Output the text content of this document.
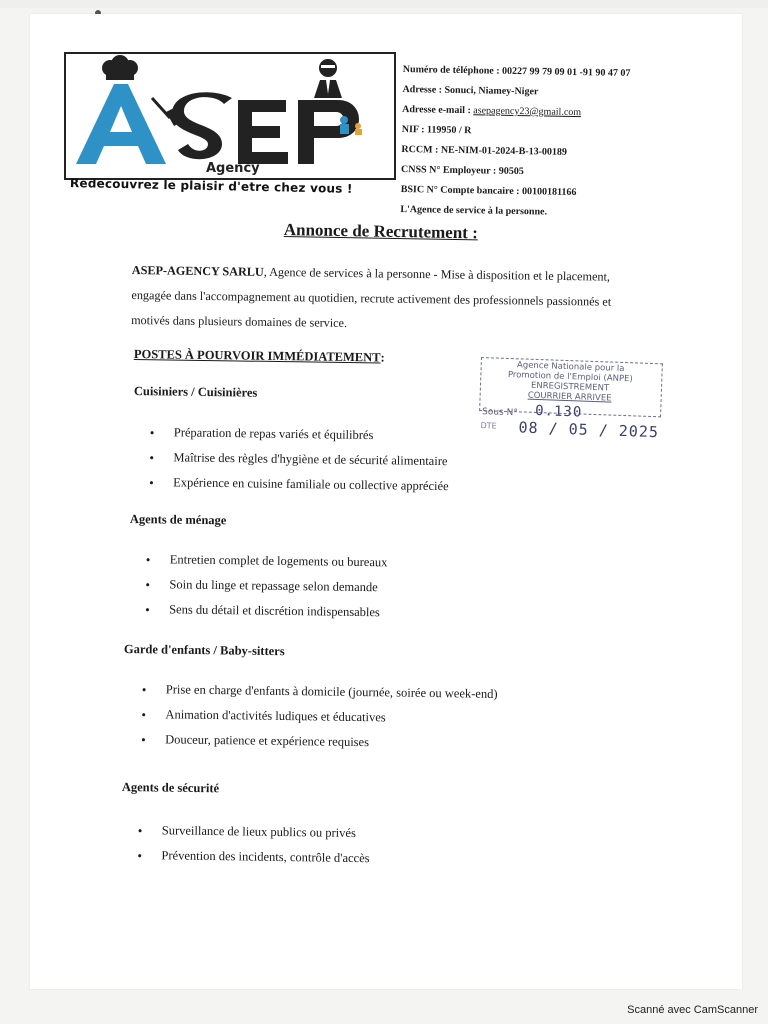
Agency
Redecouvrez le plaisir d'etre chez vous !
Numéro de téléphone : 00227 99 79 09 01 -91 90 47 07
Adresse : Sonuci, Niamey-Niger
Adresse e-mail : asepagency23@gmail.com
NIF : 119950 / R
RCCM : NE-NIM-01-2024-B-13-00189
CNSS N° Employeur : 90505
BSIC N° Compte bancaire : 00100181166
L'Agence de service à la personne.
Annonce de Recrutement :
ASEP-AGENCY SARLU, Agence de services à la personne - Mise à disposition et le placement, engagée dans l'accompagnement au quotidien, recrute activement des professionnels passionnés et motivés dans plusieurs domaines de service.
POSTES À POURVOIR IMMÉDIATEMENT:
Agence Nationale pour la
Promotion de l'Emploi (ANPE)
ENREGISTREMENT
COURRIER ARRIVEE
Sous N° 0.130
DTE 08 / 05 / 2025
Cuisiniers / Cuisinières
• Préparation de repas variés et équilibrés
• Maîtrise des règles d'hygiène et de sécurité alimentaire
• Expérience en cuisine familiale ou collective appréciée
Agents de ménage
• Entretien complet de logements ou bureaux
• Soin du linge et repassage selon demande
• Sens du détail et discrétion indispensables
Garde d'enfants / Baby-sitters
• Prise en charge d'enfants à domicile (journée, soirée ou week-end)
• Animation d'activités ludiques et éducatives
• Douceur, patience et expérience requises
Agents de sécurité
• Surveillance de lieux publics ou privés
• Prévention des incidents, contrôle d'accès
Scanné avec CamScanner
